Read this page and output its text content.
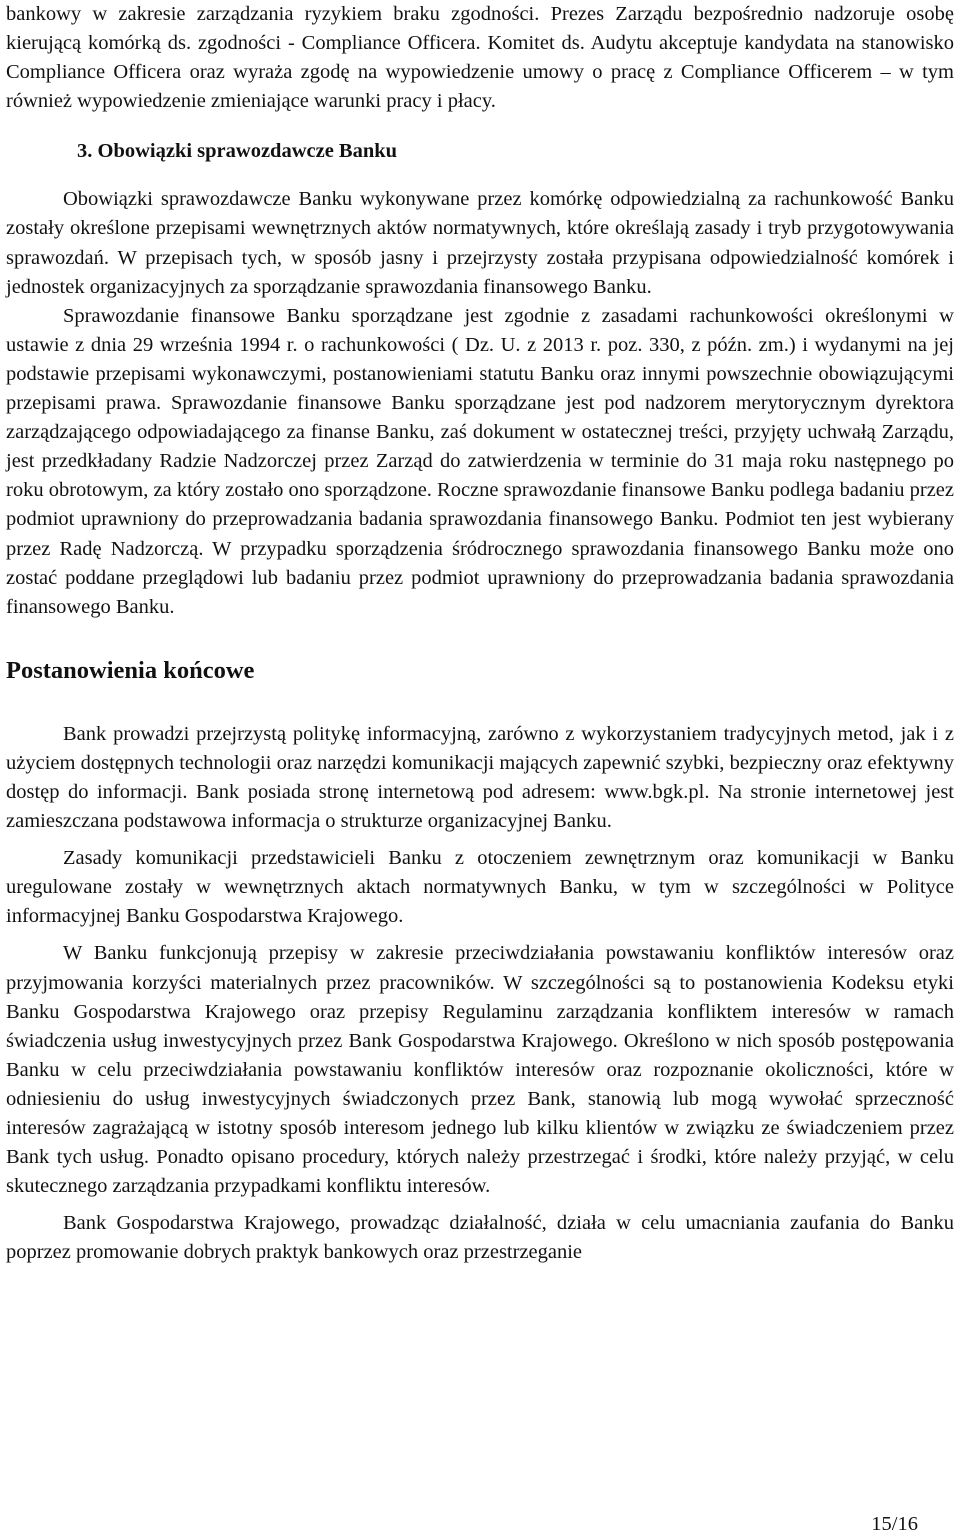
bankowy w zakresie zarządzania ryzykiem braku zgodności. Prezes Zarządu bezpośrednio nadzoruje osobę kierującą komórką ds. zgodności - Compliance Officera. Komitet ds. Audytu akceptuje kandydata na stanowisko Compliance Officera oraz wyraża zgodę na wypowiedzenie umowy o pracę z Compliance Officerem – w tym również wypowiedzenie zmieniające warunki pracy i płacy.

3. Obowiązki sprawozdawcze Banku

Obowiązki sprawozdawcze Banku wykonywane przez komórkę odpowiedzialną za rachunkowość Banku zostały określone przepisami wewnętrznych aktów normatywnych, które określają zasady i tryb przygotowywania sprawozdań. W przepisach tych, w sposób jasny i przejrzysty została przypisana odpowiedzialność komórek i jednostek organizacyjnych za sporządzanie sprawozdania finansowego Banku.

Sprawozdanie finansowe Banku sporządzane jest zgodnie z zasadami rachunkowości określonymi w ustawie z dnia 29 września 1994 r. o rachunkowości ( Dz. U. z 2013 r. poz. 330, z późn. zm.) i wydanymi na jej podstawie przepisami wykonawczymi, postanowieniami statutu Banku oraz innymi powszechnie obowiązującymi przepisami prawa. Sprawozdanie finansowe Banku sporządzane jest pod nadzorem merytorycznym dyrektora zarządzającego odpowiadającego za finanse Banku, zaś dokument w ostatecznej treści, przyjęty uchwałą Zarządu, jest przedkładany Radzie Nadzorczej przez Zarząd do zatwierdzenia w terminie do 31 maja roku następnego po roku obrotowym, za który zostało ono sporządzone. Roczne sprawozdanie finansowe Banku podlega badaniu przez podmiot uprawniony do przeprowadzania badania sprawozdania finansowego Banku. Podmiot ten jest wybierany przez Radę Nadzorczą. W przypadku sporządzenia śródrocznego sprawozdania finansowego Banku może ono zostać poddane przeglądowi lub badaniu przez podmiot uprawniony do przeprowadzania badania sprawozdania finansowego Banku.

Postanowienia końcowe

Bank prowadzi przejrzystą politykę informacyjną, zarówno z wykorzystaniem tradycyjnych metod, jak i z użyciem dostępnych technologii oraz narzędzi komunikacji mających zapewnić szybki, bezpieczny oraz efektywny dostęp do informacji. Bank posiada stronę internetową pod adresem: www.bgk.pl. Na stronie internetowej jest zamieszczana podstawowa informacja o strukturze organizacyjnej Banku.

Zasady komunikacji przedstawicieli Banku z otoczeniem zewnętrznym oraz komunikacji w Banku uregulowane zostały w wewnętrznych aktach normatywnych Banku, w tym w szczególności w Polityce informacyjnej Banku Gospodarstwa Krajowego.

W Banku funkcjonują przepisy w zakresie przeciwdziałania powstawaniu konfliktów interesów oraz przyjmowania korzyści materialnych przez pracowników. W szczególności są to postanowienia Kodeksu etyki Banku Gospodarstwa Krajowego oraz przepisy Regulaminu zarządzania konfliktem interesów w ramach świadczenia usług inwestycyjnych przez Bank Gospodarstwa Krajowego. Określono w nich sposób postępowania Banku w celu przeciwdziałania powstawaniu konfliktów interesów oraz rozpoznanie okoliczności, które w odniesieniu do usług inwestycyjnych świadczonych przez Bank, stanowią lub mogą wywołać sprzeczność interesów zagrażającą w istotny sposób interesom jednego lub kilku klientów w związku ze świadczeniem przez Bank tych usług. Ponadto opisano procedury, których należy przestrzegać i środki, które należy przyjąć, w celu skutecznego zarządzania przypadkami konfliktu interesów.

Bank Gospodarstwa Krajowego, prowadząc działalność, działa w celu umacniania zaufania do Banku poprzez promowanie dobrych praktyk bankowych oraz przestrzeganie

15/16
